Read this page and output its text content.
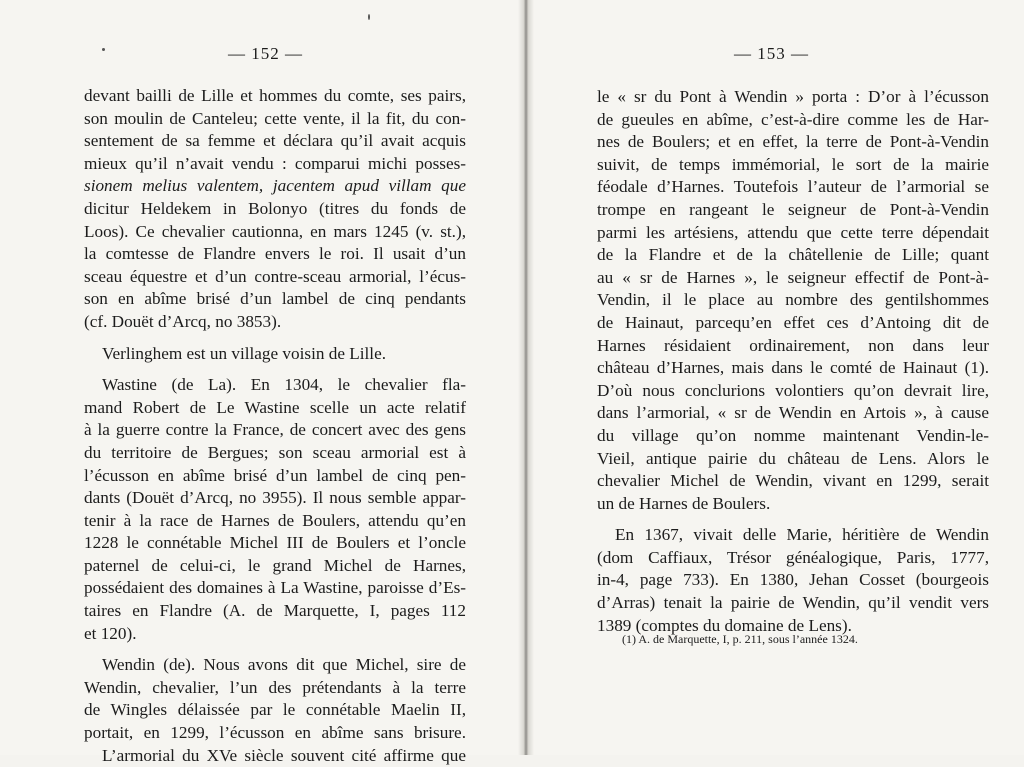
— 152 —
devant bailli de Lille et hommes du comte, ses pairs,
son moulin de Canteleu; cette vente, il la fit, du con-
sentement de sa femme et déclara qu’il avait acquis
mieux qu’il n’avait vendu : comparui michi posses-
sionem melius valentem, jacentem apud villam que
dicitur Heldekem in Bolonyo (titres du fonds de
Loos). Ce chevalier cautionna, en mars 1245 (v. st.),
la comtesse de Flandre envers le roi. Il usait d’un
sceau équestre et d’un contre-sceau armorial, l’écus-
son en abîme brisé d’un lambel de cinq pendants
(cf. Douët d’Arcq, no 3853).
Verlinghem est un village voisin de Lille.
Wastine (de La). En 1304, le chevalier fla-
mand Robert de Le Wastine scelle un acte relatif
à la guerre contre la France, de concert avec des gens
du territoire de Bergues; son sceau armorial est à
l’écusson en abîme brisé d’un lambel de cinq pen-
dants (Douët d’Arcq, no 3955). Il nous semble appar-
tenir à la race de Harnes de Boulers, attendu qu’en
1228 le connétable Michel III de Boulers et l’oncle
paternel de celui-ci, le grand Michel de Harnes,
possédaient des domaines à La Wastine, paroisse d’Es-
taires en Flandre (A. de Marquette, I, pages 112
et 120).
Wendin (de). Nous avons dit que Michel, sire de
Wendin, chevalier, l’un des prétendants à la terre
de Wingles délaissée par le connétable Maelin II,
portait, en 1299, l’écusson en abîme sans brisure.
L’armorial du XVe siècle souvent cité affirme que
— 153 —
le « sr du Pont à Wendin » porta : D’or à l’écusson
de gueules en abîme, c’est-à-dire comme les de Har-
nes de Boulers; et en effet, la terre de Pont-à-Vendin
suivit, de temps immémorial, le sort de la mairie
féodale d’Harnes. Toutefois l’auteur de l’armorial se
trompe en rangeant le seigneur de Pont-à-Vendin
parmi les artésiens, attendu que cette terre dépendait
de la Flandre et de la châtellenie de Lille; quant
au « sr de Harnes », le seigneur effectif de Pont-à-
Vendin, il le place au nombre des gentilshommes
de Hainaut, parcequ’en effet ces d’Antoing dit de
Harnes résidaient ordinairement, non dans leur
château d’Harnes, mais dans le comté de Hainaut (1).
D’où nous conclurions volontiers qu’on devrait lire,
dans l’armorial, « sr de Wendin en Artois », à cause
du village qu’on nomme maintenant Vendin-le-
Vieil, antique pairie du château de Lens. Alors le
chevalier Michel de Wendin, vivant en 1299, serait
un de Harnes de Boulers.
En 1367, vivait delle Marie, héritière de Wendin
(dom Caffiaux, Trésor généalogique, Paris, 1777,
in-4, page 733). En 1380, Jehan Cosset (bourgeois
d’Arras) tenait la pairie de Wendin, qu’il vendit vers
1389 (comptes du domaine de Lens).
(1) A. de Marquette, I, p. 211, sous l’année 1324.
